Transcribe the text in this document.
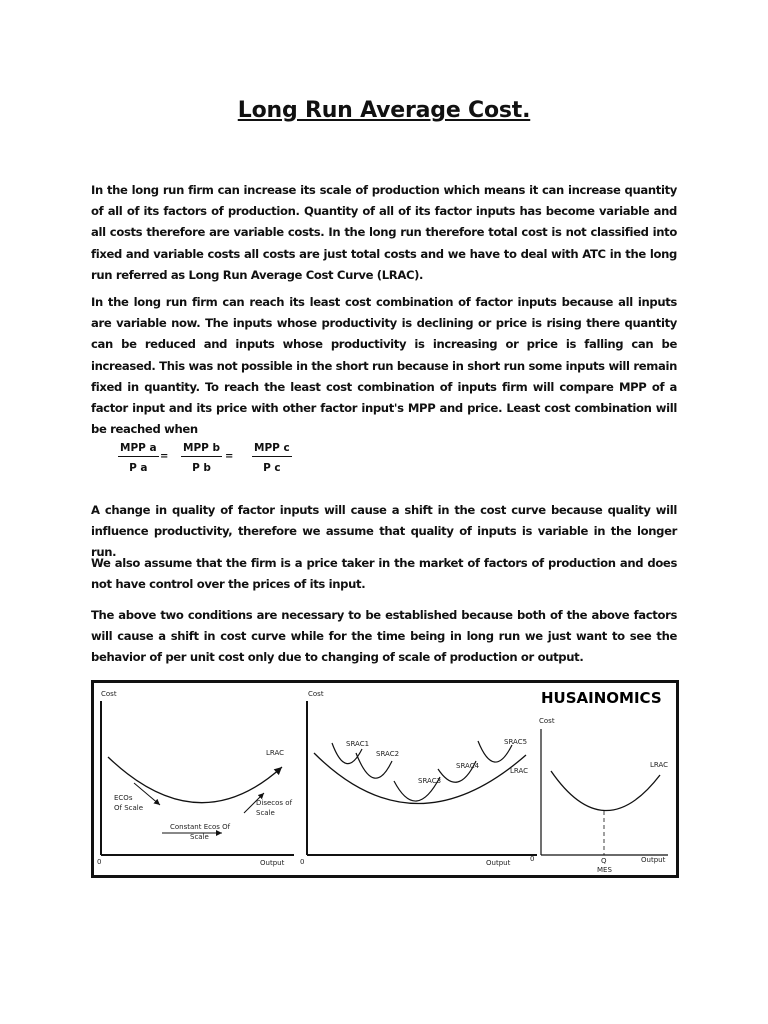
Long Run Average Cost.
In the long run firm can increase its scale of production which means it can increase quantity of all of its factors of production. Quantity of all of its factor inputs has become variable and all costs therefore are variable costs. In the long run therefore total cost is not classified into fixed and variable costs all costs are just total costs and we have to deal with ATC in the long run referred as Long Run Average Cost Curve (LRAC).
In the long run firm can reach its least cost combination of factor inputs because all inputs are variable now. The inputs whose productivity is declining or price is rising there quantity can be reduced and inputs whose productivity is increasing or price is falling can be increased. This was not possible in the short run because in short run some inputs will remain fixed in quantity. To reach the least cost combination of inputs firm will compare MPP of a factor input and its price with other factor input's MPP and price. Least cost combination will be reached when
MPP a
P a
=
MPP b
P b
=
MPP c
P c
A change in quality of factor inputs will cause a shift in the cost curve because quality will influence productivity, therefore we assume that quality of inputs is variable in the longer run.
We also assume that the firm is a price taker in the market of factors of production and does not have control over the prices of its input.
The above two conditions are necessary to be established because both of the above factors will cause a shift in cost curve while for the time being in long run we just want to see the behavior of per unit cost only due to changing of scale of production or output.
Cost
Output
0
LRAC
ECOs
Of Scale
Disecos of
Scale
Constant Ecos Of
Scale
Cost
Output
0
SRAC1
SRAC2
SRAC3
SRAC4
SRAC5
LRAC
HUSAINOMICS
Cost
Output
0
LRAC
Q
MES
